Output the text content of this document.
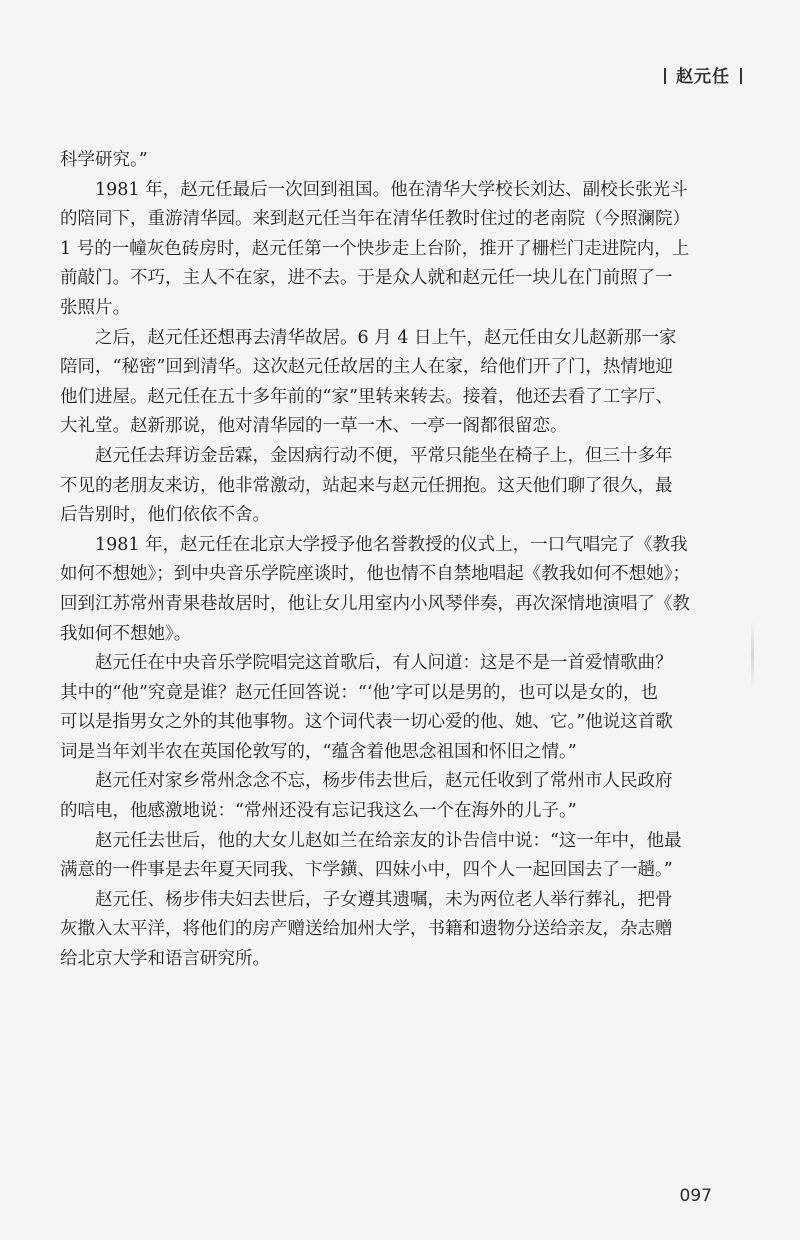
赵元任
科学研究。”
1981 年，赵元任最后一次回到祖国。他在清华大学校长刘达、副校长张光斗
的陪同下，重游清华园。来到赵元任当年在清华任教时住过的老南院（今照澜院）
1 号的一幢灰色砖房时，赵元任第一个快步走上台阶，推开了栅栏门走进院内，上
前敲门。不巧，主人不在家，进不去。于是众人就和赵元任一块儿在门前照了一
张照片。
之后，赵元任还想再去清华故居。6 月 4 日上午，赵元任由女儿赵新那一家
陪同，“秘密”回到清华。这次赵元任故居的主人在家，给他们开了门，热情地迎
他们进屋。赵元任在五十多年前的“家”里转来转去。接着，他还去看了工字厅、
大礼堂。赵新那说，他对清华园的一草一木、一亭一阁都很留恋。
赵元任去拜访金岳霖，金因病行动不便，平常只能坐在椅子上，但三十多年
不见的老朋友来访，他非常激动，站起来与赵元任拥抱。这天他们聊了很久，最
后告别时，他们依依不舍。
1981 年，赵元任在北京大学授予他名誉教授的仪式上，一口气唱完了《教我
如何不想她》；到中央音乐学院座谈时，他也情不自禁地唱起《教我如何不想她》；
回到江苏常州青果巷故居时，他让女儿用室内小风琴伴奏，再次深情地演唱了《教
我如何不想她》。
赵元任在中央音乐学院唱完这首歌后，有人问道：这是不是一首爱情歌曲？
其中的“他”究竟是谁？赵元任回答说：“‘他’字可以是男的，也可以是女的，也
可以是指男女之外的其他事物。这个词代表一切心爱的他、她、它。”他说这首歌
词是当年刘半农在英国伦敦写的，“蕴含着他思念祖国和怀旧之情。”
赵元任对家乡常州念念不忘，杨步伟去世后，赵元任收到了常州市人民政府
的唁电，他感激地说：“常州还没有忘记我这么一个在海外的儿子。”
赵元任去世后，他的大女儿赵如兰在给亲友的讣告信中说：“这一年中，他最
满意的一件事是去年夏天同我、卞学鐄、四妹小中，四个人一起回国去了一趟。”
赵元任、杨步伟夫妇去世后，子女遵其遗嘱，未为两位老人举行葬礼，把骨
灰撒入太平洋，将他们的房产赠送给加州大学，书籍和遗物分送给亲友，杂志赠
给北京大学和语言研究所。
097
